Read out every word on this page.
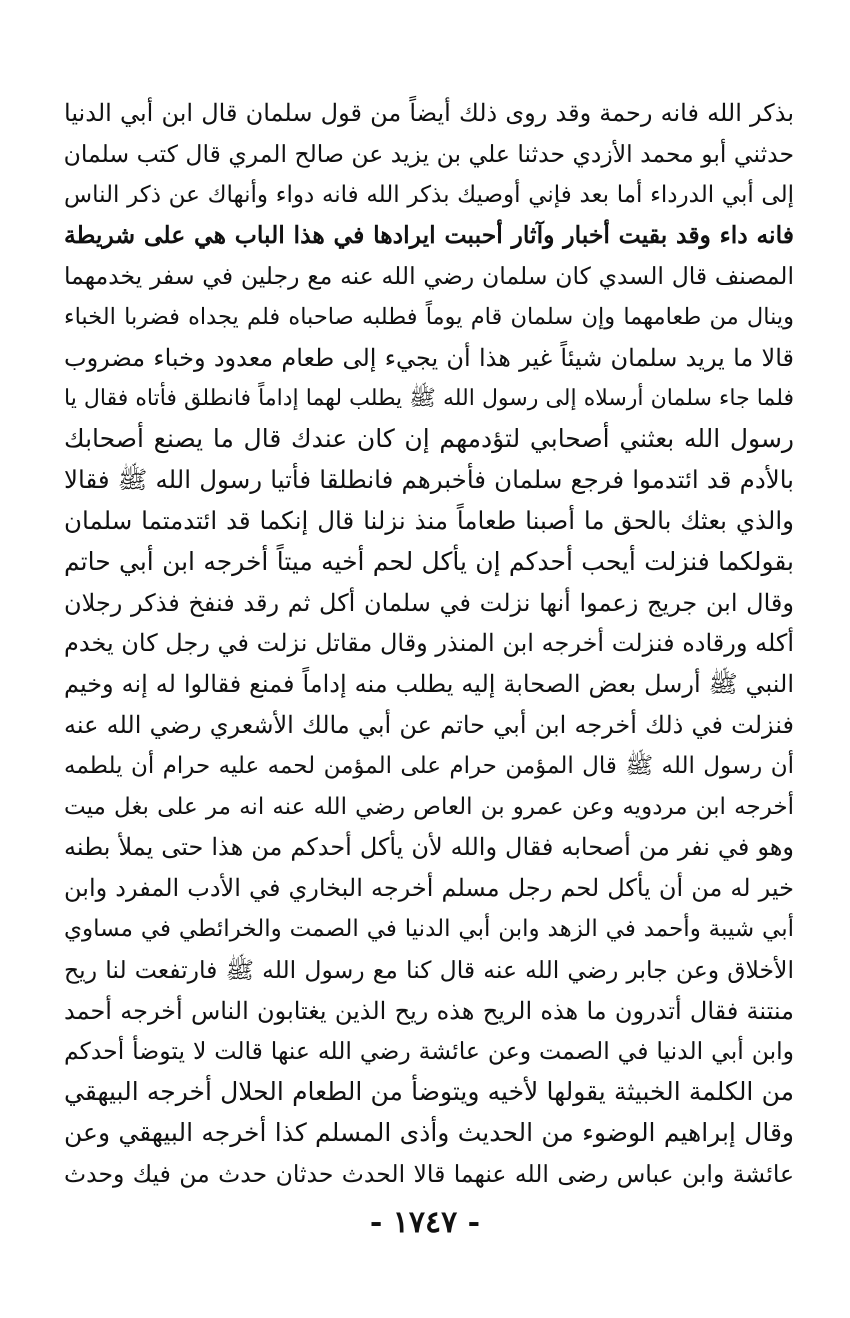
بذكر الله فانه رحمة وقد روى ذلك أيضاً من قول سلمان قال ابن أبي الدنيا
حدثني أبو محمد الأزدي حدثنا علي بن يزيد عن صالح المري قال كتب سلمان
إلى أبي الدرداء أما بعد فإني أوصيك بذكر الله فانه دواء وأنهاك عن ذكر الناس
فانه داء وقد بقيت أخبار وآثار أحببت ايرادها في هذا الباب هي على شريطة
المصنف قال السدي كان سلمان رضي الله عنه مع رجلين في سفر يخدمهما
وينال من طعامهما وإن سلمان قام يوماً فطلبه صاحباه فلم يجداه فضربا الخباء
قالا ما يريد سلمان شيئاً غير هذا أن يجيء إلى طعام معدود وخباء مضروب
فلما جاء سلمان أرسلاه إلى رسول الله ﷺ يطلب لهما إداماً فانطلق فأتاه فقال يا
رسول الله بعثني أصحابي لتؤدمهم إن كان عندك قال ما يصنع أصحابك
بالأدم قد ائتدموا فرجع سلمان فأخبرهم فانطلقا فأتيا رسول الله ﷺ فقالا
والذي بعثك بالحق ما أصبنا طعاماً منذ نزلنا قال إنكما قد ائتدمتما سلمان
بقولكما فنزلت أيحب أحدكم إن يأكل لحم أخيه ميتاً أخرجه ابن أبي حاتم
وقال ابن جريج زعموا أنها نزلت في سلمان أكل ثم رقد فنفخ فذكر رجلان
أكله ورقاده فنزلت أخرجه ابن المنذر وقال مقاتل نزلت في رجل كان يخدم
النبي ﷺ أرسل بعض الصحابة إليه يطلب منه إداماً فمنع فقالوا له إنه وخيم
فنزلت في ذلك أخرجه ابن أبي حاتم عن أبي مالك الأشعري رضي الله عنه
أن رسول الله ﷺ قال المؤمن حرام على المؤمن لحمه عليه حرام أن يلطمه
أخرجه ابن مردويه وعن عمرو بن العاص رضي الله عنه انه مر على بغل ميت
وهو في نفر من أصحابه فقال والله لأن يأكل أحدكم من هذا حتى يملأ بطنه
خير له من أن يأكل لحم رجل مسلم أخرجه البخاري في الأدب المفرد وابن
أبي شيبة وأحمد في الزهد وابن أبي الدنيا في الصمت والخرائطي في مساوي
الأخلاق وعن جابر رضي الله عنه قال كنا مع رسول الله ﷺ فارتفعت لنا ريح
منتنة فقال أتدرون ما هذه الريح هذه ريح الذين يغتابون الناس أخرجه أحمد
وابن أبي الدنيا في الصمت وعن عائشة رضي الله عنها قالت لا يتوضأ أحدكم
من الكلمة الخبيثة يقولها لأخيه ويتوضأ من الطعام الحلال أخرجه البيهقي
وقال إبراهيم الوضوء من الحديث وأذى المسلم كذا أخرجه البيهقي وعن
عائشة وابن عباس رضى الله عنهما قالا الحدث حدثان حدث من فيك وحدث
- ١٧٤٧ -
